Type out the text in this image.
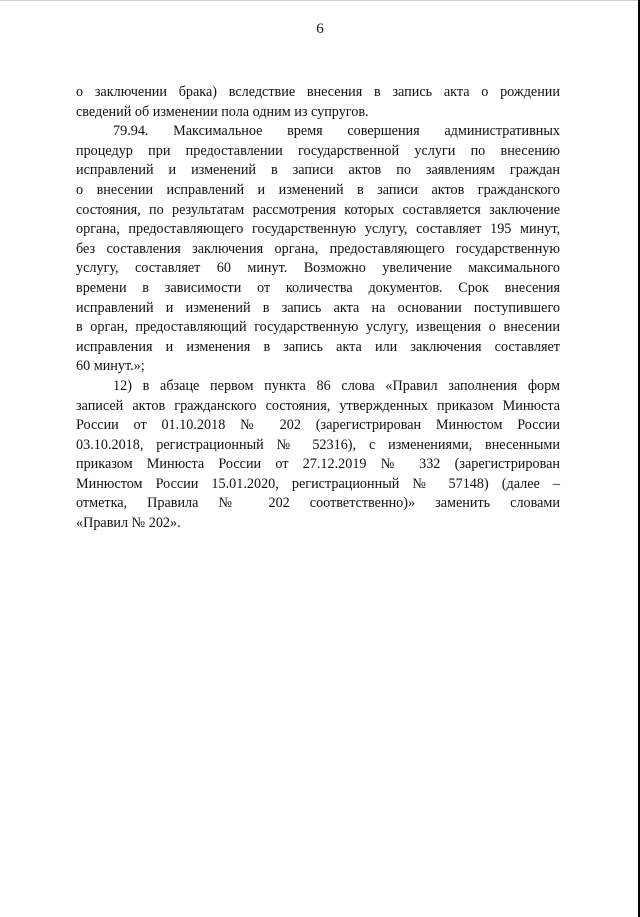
6
о заключении брака) вследствие внесения в запись акта о рождении
сведений об изменении пола одним из супругов.
79.94. Максимальное время совершения административных
процедур при предоставлении государственной услуги по внесению
исправлений и изменений в записи актов по заявлениям граждан
о внесении исправлений и изменений в записи актов гражданского
состояния, по результатам рассмотрения которых составляется заключение
органа, предоставляющего государственную услугу, составляет 195 минут,
без составления заключения органа, предоставляющего государственную
услугу, составляет 60 минут. Возможно увеличение максимального
времени в зависимости от количества документов. Срок внесения
исправлений и изменений в запись акта на основании поступившего
в орган, предоставляющий государственную услугу, извещения о внесении
исправления и изменения в запись акта или заключения составляет
60 минут.»;
12) в абзаце первом пункта 86 слова «Правил заполнения форм
записей актов гражданского состояния, утвержденных приказом Минюста
России от 01.10.2018 № 202 (зарегистрирован Минюстом России
03.10.2018, регистрационный № 52316), с изменениями, внесенными
приказом Минюста России от 27.12.2019 № 332 (зарегистрирован
Минюстом России 15.01.2020, регистрационный № 57148) (далее –
отметка, Правила № 202 соответственно)» заменить словами
«Правил № 202».
